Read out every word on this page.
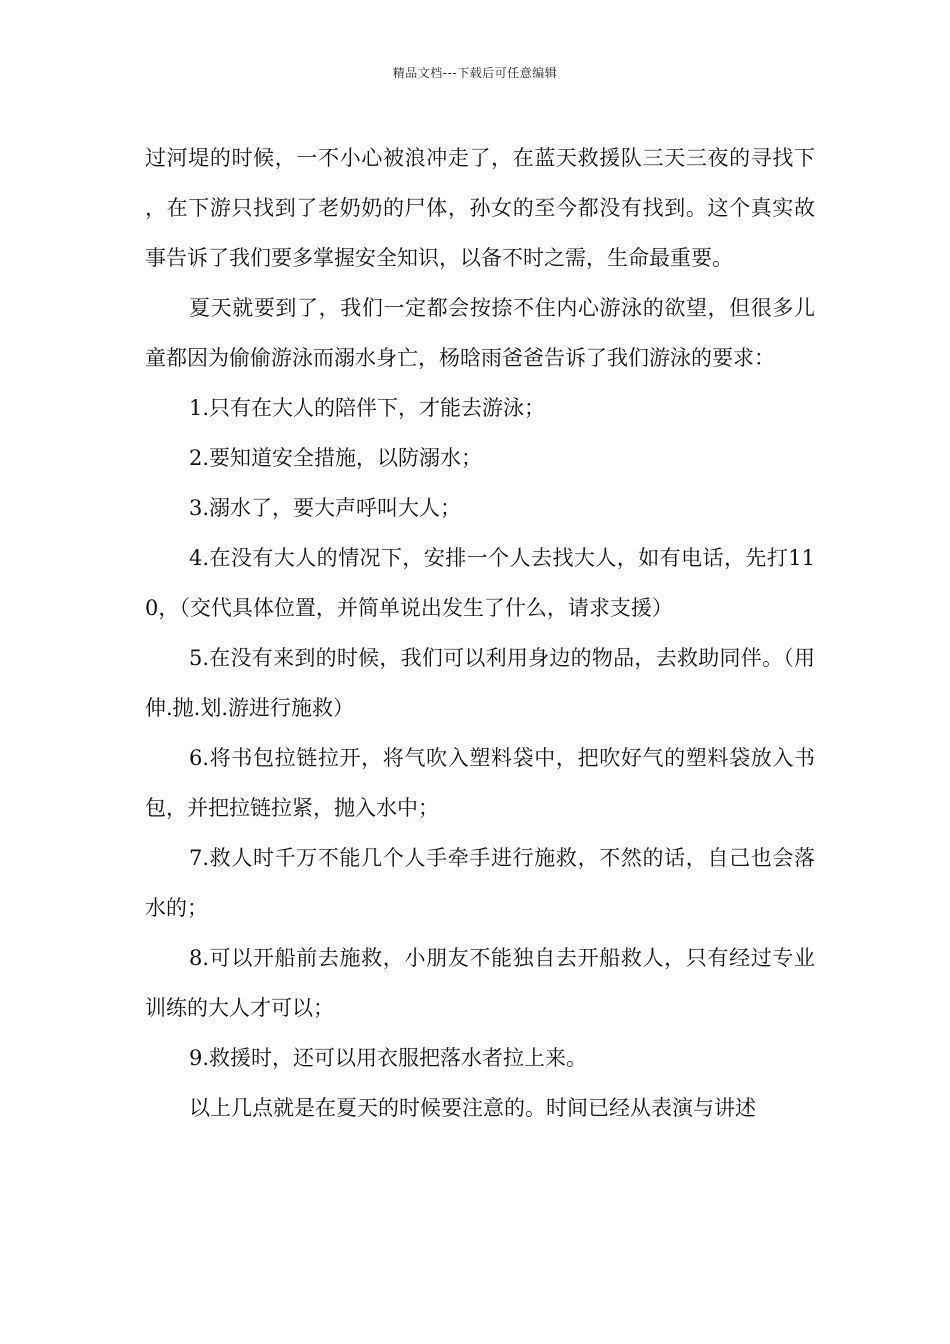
精品文档---下载后可任意编辑

过河堤的时候，一不小心被浪冲走了，在蓝天救援队三天三夜的寻找下，在下游只找到了老奶奶的尸体，孙女的至今都没有找到。这个真实故事告诉了我们要多掌握安全知识，以备不时之需，生命最重要。

夏天就要到了，我们一定都会按捺不住内心游泳的欲望，但很多儿童都因为偷偷游泳而溺水身亡，杨晗雨爸爸告诉了我们游泳的要求：

1.只有在大人的陪伴下，才能去游泳；

2.要知道安全措施，以防溺水；

3.溺水了，要大声呼叫大人；

4.在没有大人的情况下，安排一个人去找大人，如有电话，先打110，（交代具体位置，并简单说出发生了什么，请求支援）

5.在没有来到的时候，我们可以利用身边的物品，去救助同伴。（用伸.抛.划.游进行施救）

6.将书包拉链拉开，将气吹入塑料袋中，把吹好气的塑料袋放入书包，并把拉链拉紧，抛入水中；

7.救人时千万不能几个人手牵手进行施救，不然的话，自己也会落水的；

8.可以开船前去施救，小朋友不能独自去开船救人，只有经过专业训练的大人才可以；

9.救援时，还可以用衣服把落水者拉上来。

以上几点就是在夏天的时候要注意的。时间已经从表演与讲述
